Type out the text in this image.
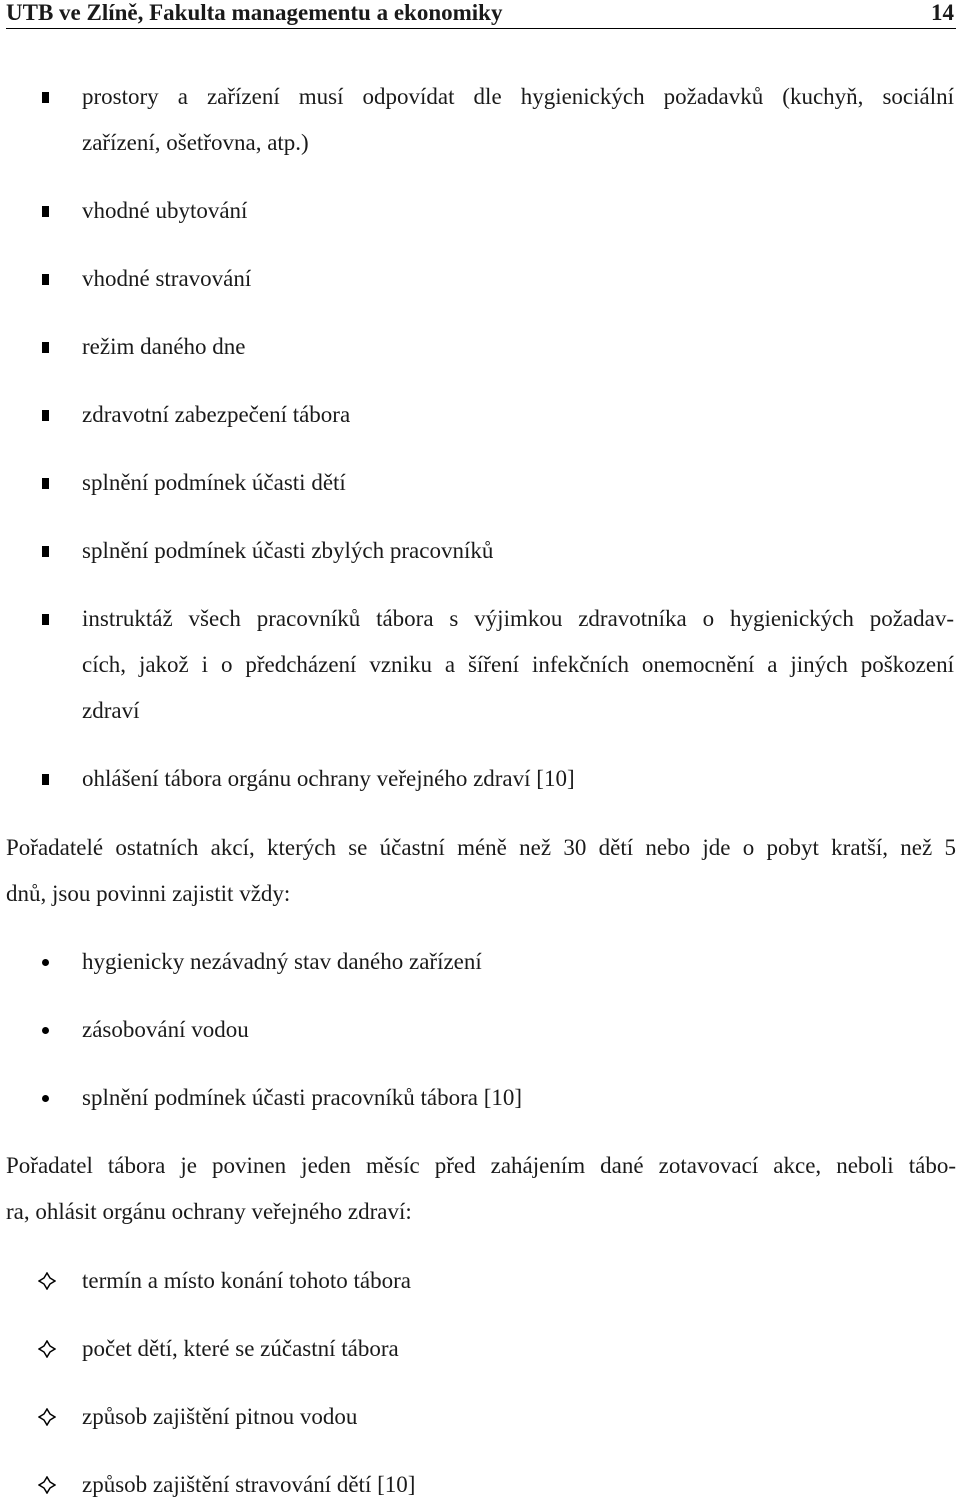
UTB ve Zlíně, Fakulta managementu a ekonomiky	14
prostory a zařízení musí odpovídat dle hygienických požadavků (kuchyň, sociální
zařízení, ošetřovna, atp.)
vhodné ubytování
vhodné stravování
režim daného dne
zdravotní zabezpečení tábora
splnění podmínek účasti dětí
splnění podmínek účasti zbylých pracovníků
instruktáž všech pracovníků tábora s výjimkou zdravotníka o hygienických požadav-
cích, jakož i o předcházení vzniku a šíření infekčních onemocnění a jiných poškození
zdraví
ohlášení tábora orgánu ochrany veřejného zdraví [10]
Pořadatelé ostatních akcí, kterých se účastní méně než 30 dětí nebo jde o pobyt kratší, než 5
dnů, jsou povinni zajistit vždy:
hygienicky nezávadný stav daného zařízení
zásobování vodou
splnění podmínek účasti pracovníků tábora [10]
Pořadatel tábora je povinen jeden měsíc před zahájením dané zotavovací akce, neboli tábo-
ra, ohlásit orgánu ochrany veřejného zdraví:
termín a místo konání tohoto tábora
počet dětí, které se zúčastní tábora
způsob zajištění pitnou vodou
způsob zajištění stravování dětí [10]
